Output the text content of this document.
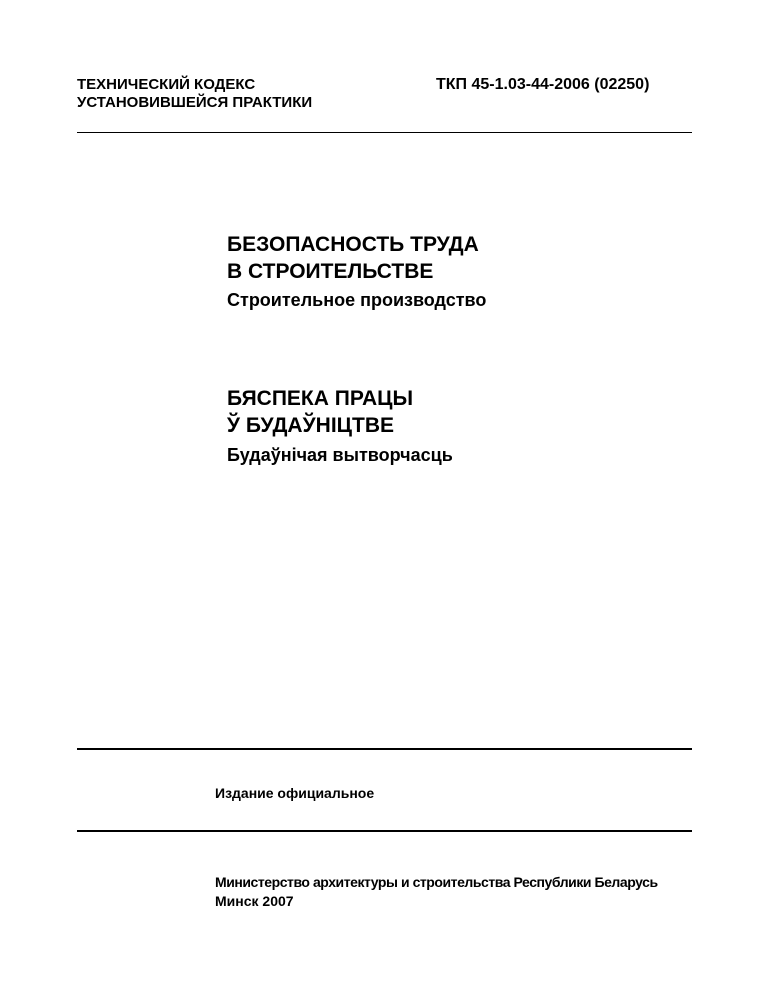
ТЕХНИЧЕСКИЙ КОДЕКС
УСТАНОВИВШЕЙСЯ ПРАКТИКИ
ТКП 45-1.03-44-2006 (02250)
БЕЗОПАСНОСТЬ ТРУДА
В СТРОИТЕЛЬСТВЕ
Строительное производство
БЯСПЕКА ПРАЦЫ
Ў БУДАЎНІЦТВЕ
Будаўнічая вытворчасць
Издание официальное
Министерство архитектуры и строительства Республики Беларусь
Минск 2007
